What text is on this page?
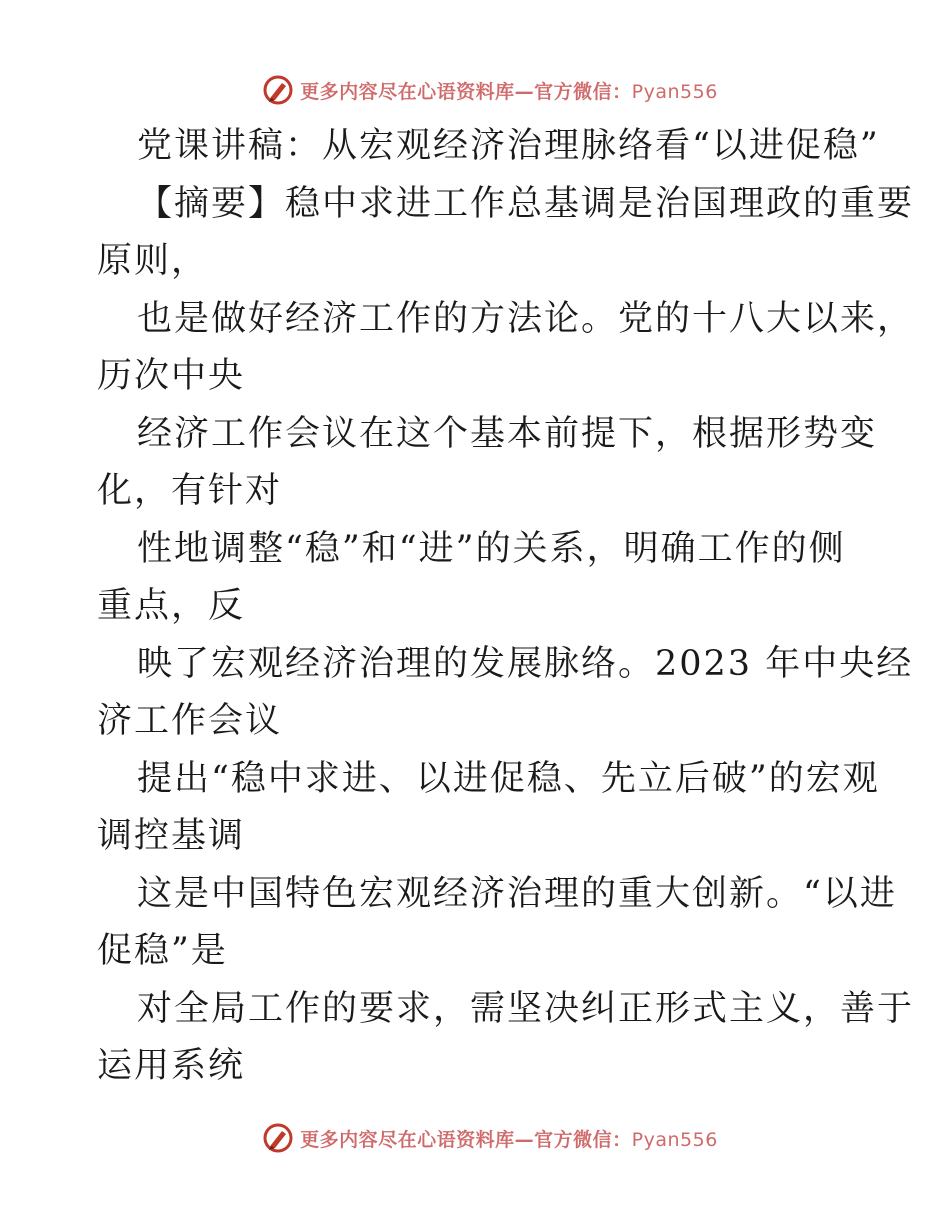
更多内容尽在心语资料库—官方微信：Pyan556
党课讲稿：从宏观经济治理脉络看“以进促稳”
【摘要】稳中求进工作总基调是治国理政的重要
原则，
也是做好经济工作的方法论。党的十八大以来，
历次中央
经济工作会议在这个基本前提下，根据形势变
化，有针对
性地调整“稳”和“进”的关系，明确工作的侧
重点，反
映了宏观经济治理的发展脉络。2023 年中央经
济工作会议
提出“稳中求进、以进促稳、先立后破”的宏观
调控基调
这是中国特色宏观经济治理的重大创新。“以进
促稳”是
对全局工作的要求，需坚决纠正形式主义，善于
运用系统
更多内容尽在心语资料库—官方微信：Pyan556
